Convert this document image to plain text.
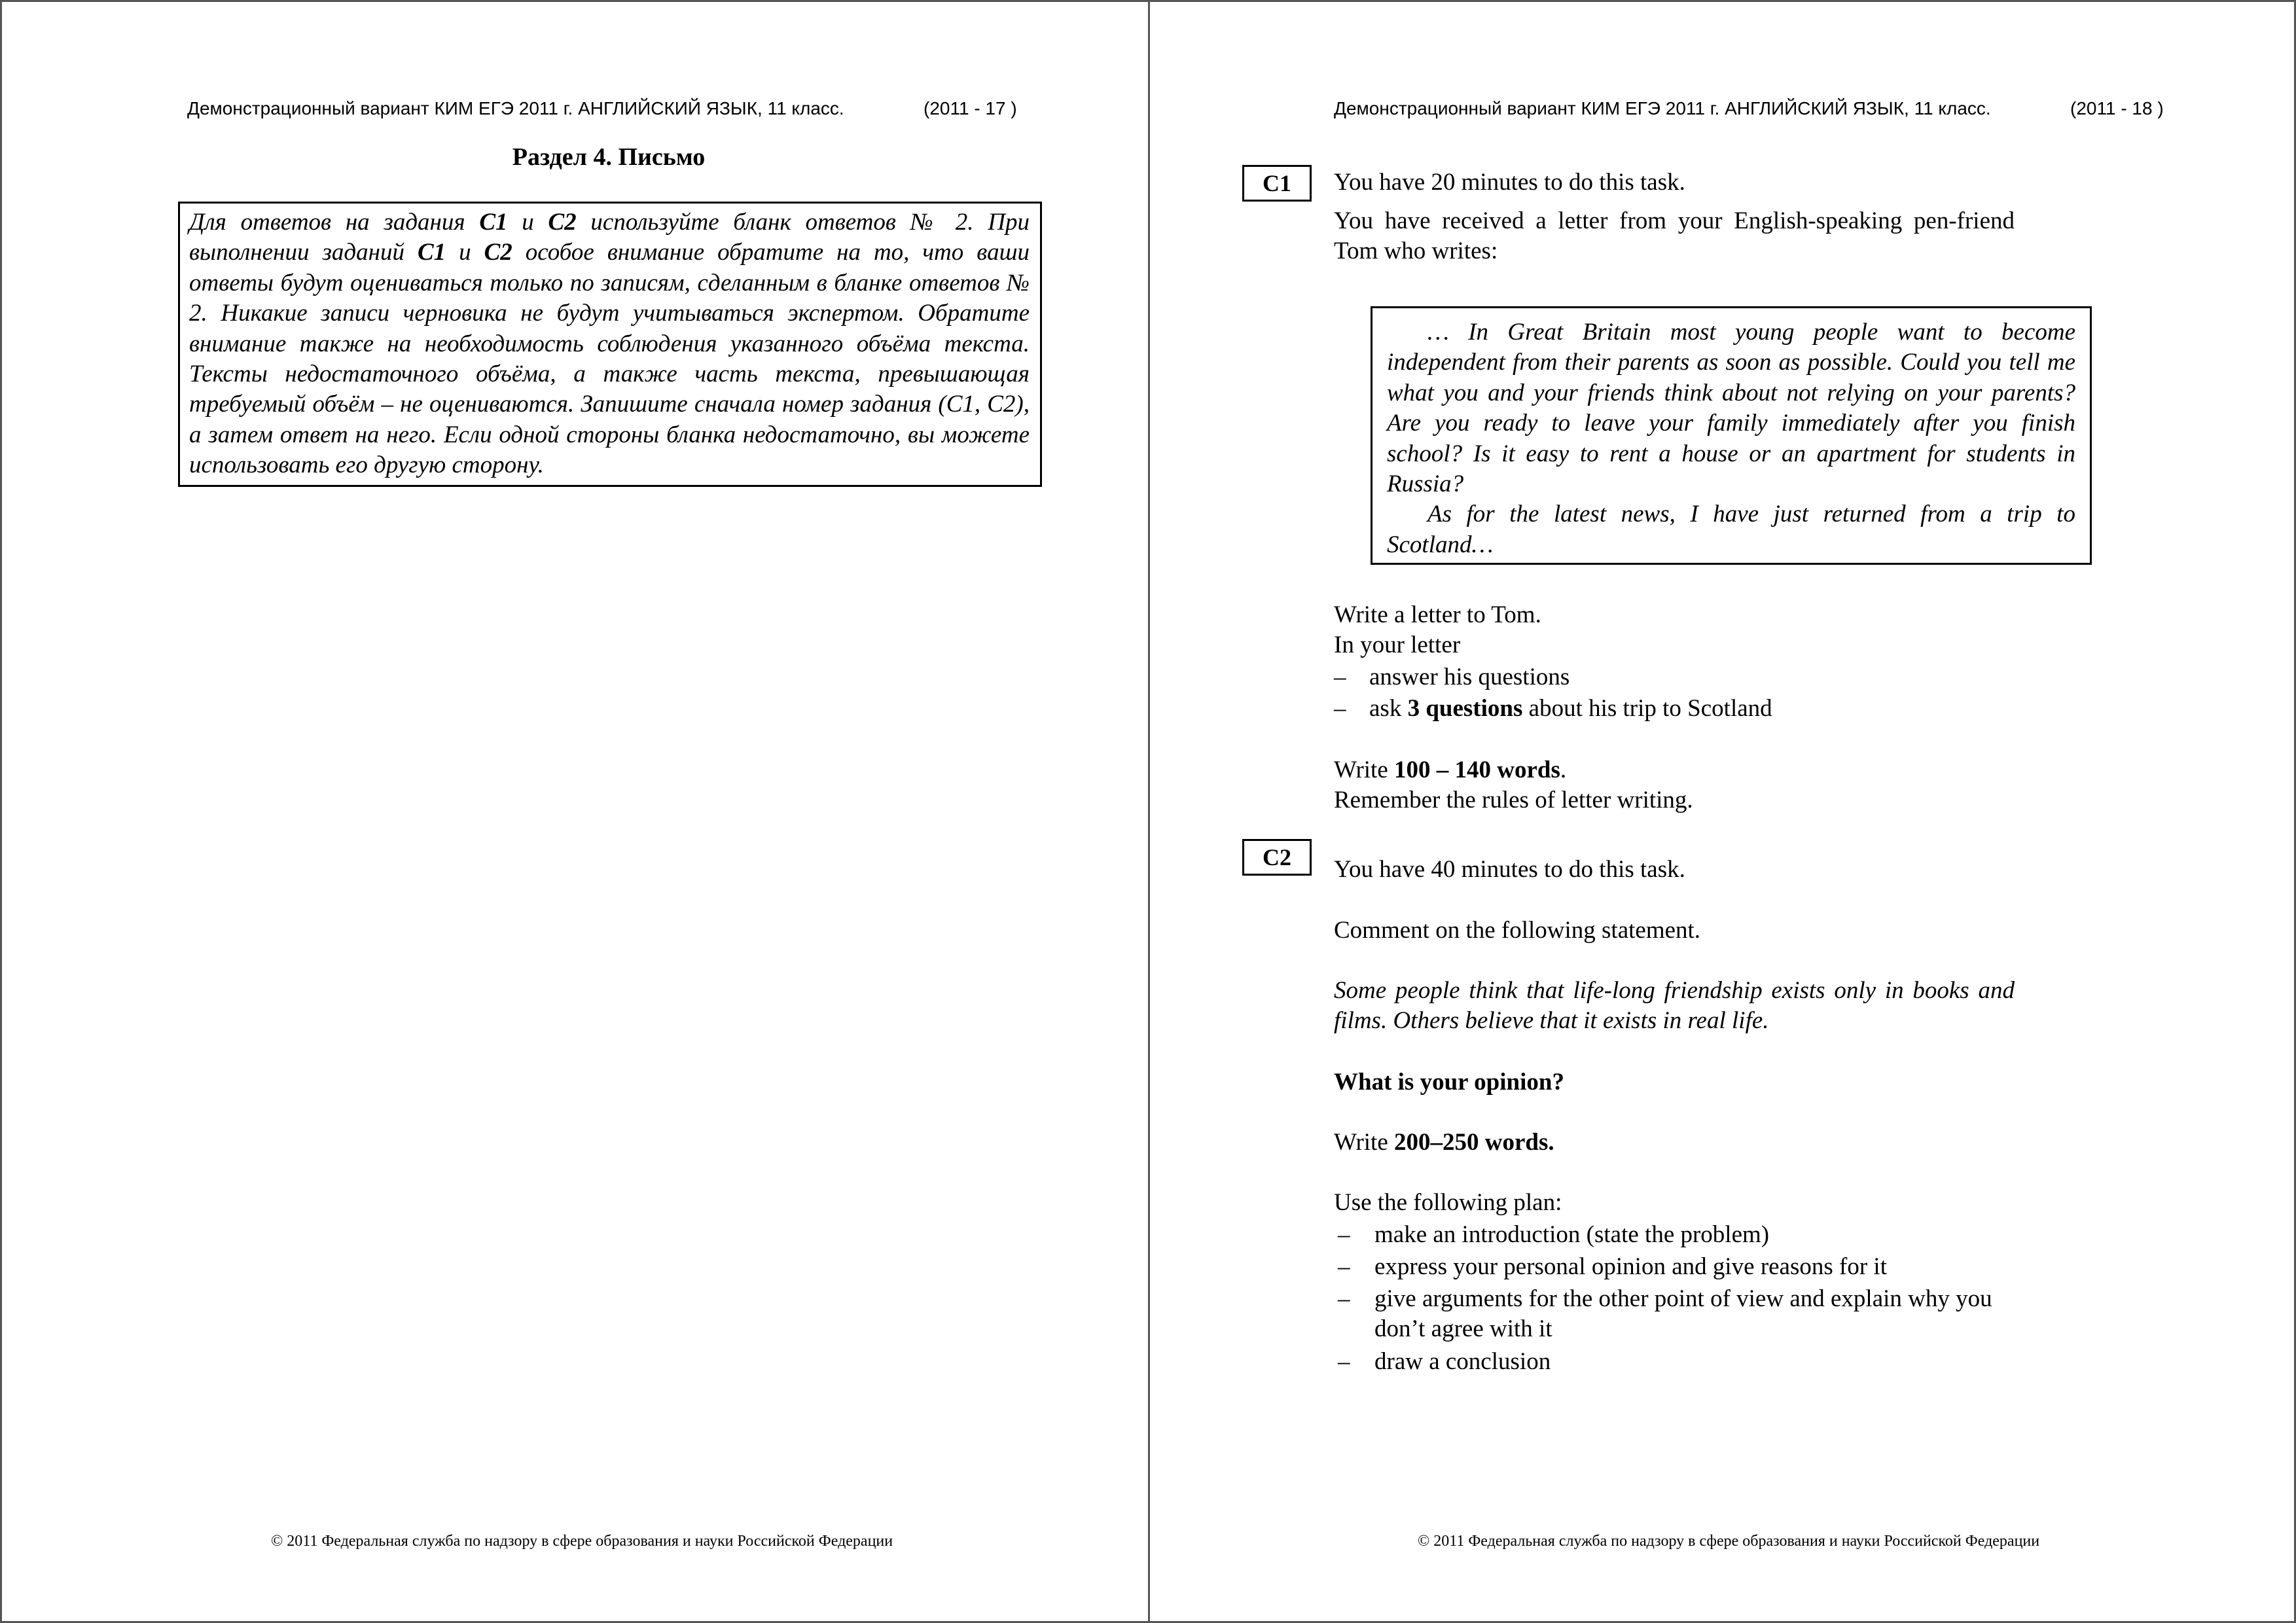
Демонстрационный вариант КИМ ЕГЭ 2011 г. АНГЛИЙСКИЙ ЯЗЫК, 11 класс.	(2011 - 17 )
Раздел 4. Письмо
Для ответов на задания C1 и C2 используйте бланк ответов № 2. При выполнении заданий C1 и C2 особое внимание обратите на то, что ваши ответы будут оцениваться только по записям, сделанным в бланке ответов № 2. Никакие записи черновика не будут учитываться экспертом. Обратите внимание также на необходимость соблюдения указанного объёма текста. Тексты недостаточного объёма, а также часть текста, превышающая требуемый объём – не оцениваются. Запишите сначала номер задания (C1, C2), а затем ответ на него. Если одной стороны бланка недостаточно, вы можете использовать его другую сторону.
© 2011 Федеральная служба по надзору в сфере образования и науки Российской Федерации
Демонстрационный вариант КИМ ЕГЭ 2011 г. АНГЛИЙСКИЙ ЯЗЫК, 11 класс.	(2011 - 18 )
C1	You have 20 minutes to do this task.
You have received a letter from your English-speaking pen-friend Tom who writes:

… In Great Britain most young people want to become independent from their parents as soon as possible. Could you tell me what you and your friends think about not relying on your parents? Are you ready to leave your family immediately after you finish school? Is it easy to rent a house or an apartment for students in Russia?

As for the latest news, I have just returned from a trip to Scotland…

Write a letter to Tom.
In your letter
– answer his questions
– ask 3 questions about his trip to Scotland
Write 100 – 140 words.
Remember the rules of letter writing.
C2	You have 40 minutes to do this task.
Comment on the following statement.
Some people think that life-long friendship exists only in books and films. Others believe that it exists in real life.
What is your opinion?
Write 200–250 words.
Use the following plan:
– make an introduction (state the problem)
– express your personal opinion and give reasons for it
– give arguments for the other point of view and explain why you don’t agree with it
– draw a conclusion
© 2011 Федеральная служба по надзору в сфере образования и науки Российской Федерации
